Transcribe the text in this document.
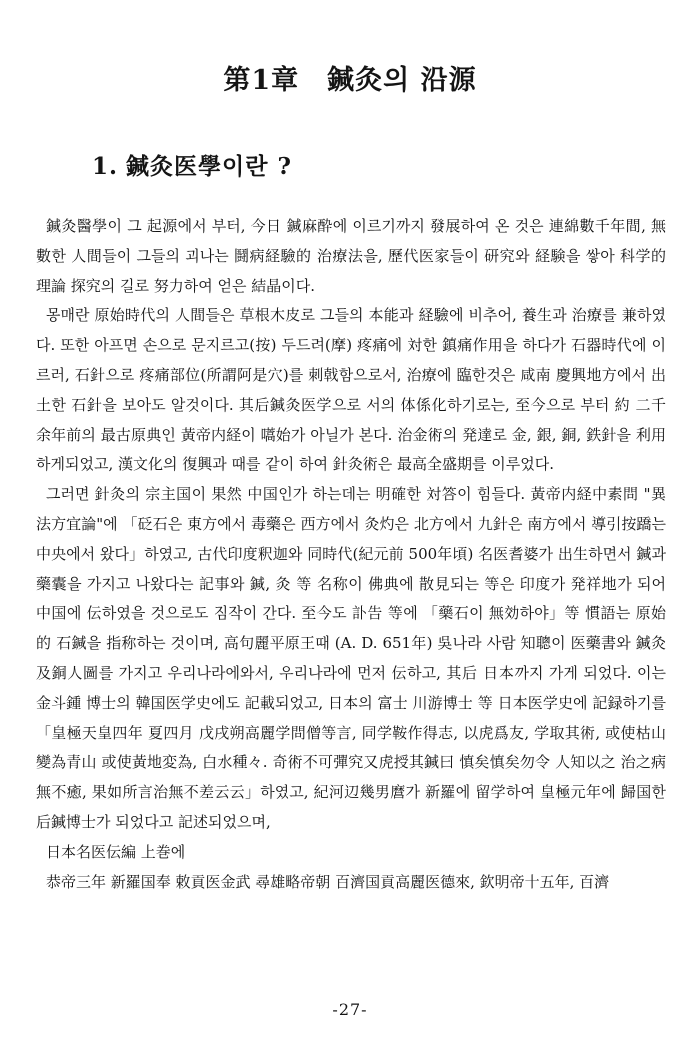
第1章 鍼灸의 沿源
1. 鍼灸医學이란 ?

鍼灸醫學이 그 起源에서 부터, 今日 鍼麻酔에 이르기까지 發展하여 온 것은 連綿數千年間, 無數한 人間들이 그들의 괴나는 鬪病経驗的 治療法을, 歷代医家들이 研究와 経験을 쌓아 科学的 理論 探究의 길로 努力하여 얻은 結晶이다.

몽매란 原始時代의 人間들은 草根木皮로 그들의 本能과 経驗에 비추어, 養生과 治療를 兼하였다. 또한 아프면 손으로 문지르고(按) 두드려(摩) 疼痛에 対한 鎮痛作用을 하다가 石器時代에 이르러, 石針으로 疼痛部位(所謂阿是穴)를 刺戟함으로서, 治療에 臨한것은 咸南 慶興地方에서 出土한 石針을 보아도 알것이다. 其后鍼灸医学으로 서의 体係化하기로는, 至今으로 부터 約 二千余年前의 最古原典인 黃帝内経이 嚆始가 아닐가 본다. 治金術의 発達로 金, 銀, 銅, 鉄針을 利用하게되었고, 漢文化의 復興과 때를 같이 하여 針灸術은 最高全盛期를 이루었다.

그러면 針灸의 宗主国이 果然 中国인가 하는데는 明確한 対答이 힘들다. 黃帝内経中素問 "異法方宜論"에 「砭石은 東方에서 毒藥은 西方에서 灸灼은 北方에서 九針은 南方에서 導引按蹻는 中央에서 왔다」하였고, 古代印度釈迦와 同時代(紀元前 500年頃) 名医耆婆가 出生하면서 鍼과 藥囊을 가지고 나왔다는 記事와 鍼, 灸 等 名称이 佛典에 散見되는 等은 印度가 発祥地가 되어 中国에 伝하였을 것으로도 짐작이 간다. 至今도 訃告 等에 「藥石이 無効하야」等 慣語는 原始的 石鍼을 指称하는 것이며, 高句麗平原王때 (A. D. 651年) 吳나라 사람 知聰이 医藥書와 鍼灸及銅人圖를 가지고 우리나라에와서, 우리나라에 먼저 伝하고, 其后 日本까지 가게 되었다. 이는 金斗鍾 博士의 韓国医学史에도 記載되었고, 日本의 富士 川游博士 等 日本医学史에 記録하기를「皇極天皇四年 夏四月 戊戌朔高麗学問僧等言, 同学鞍作得志, 以虎爲友, 学取其術, 或使枯山變為青山 或使黃地変為, 白水種々. 奇術不可彈究又虎授其鍼曰 慎矣慎矣勿令 人知以之 治之病無不癒, 果如所言治無不差云云」하였고, 紀河辺幾男麿가 新羅에 留学하여 皇極元年에 歸国한 后鍼博士가 되었다고 記述되었으며,

日本名医伝編 上巻에

恭帝三年 新羅国奉 敕貢医金武 尋雄略帝朝 百濟国貢高麗医德來, 欽明帝十五年, 百濟

-27-
